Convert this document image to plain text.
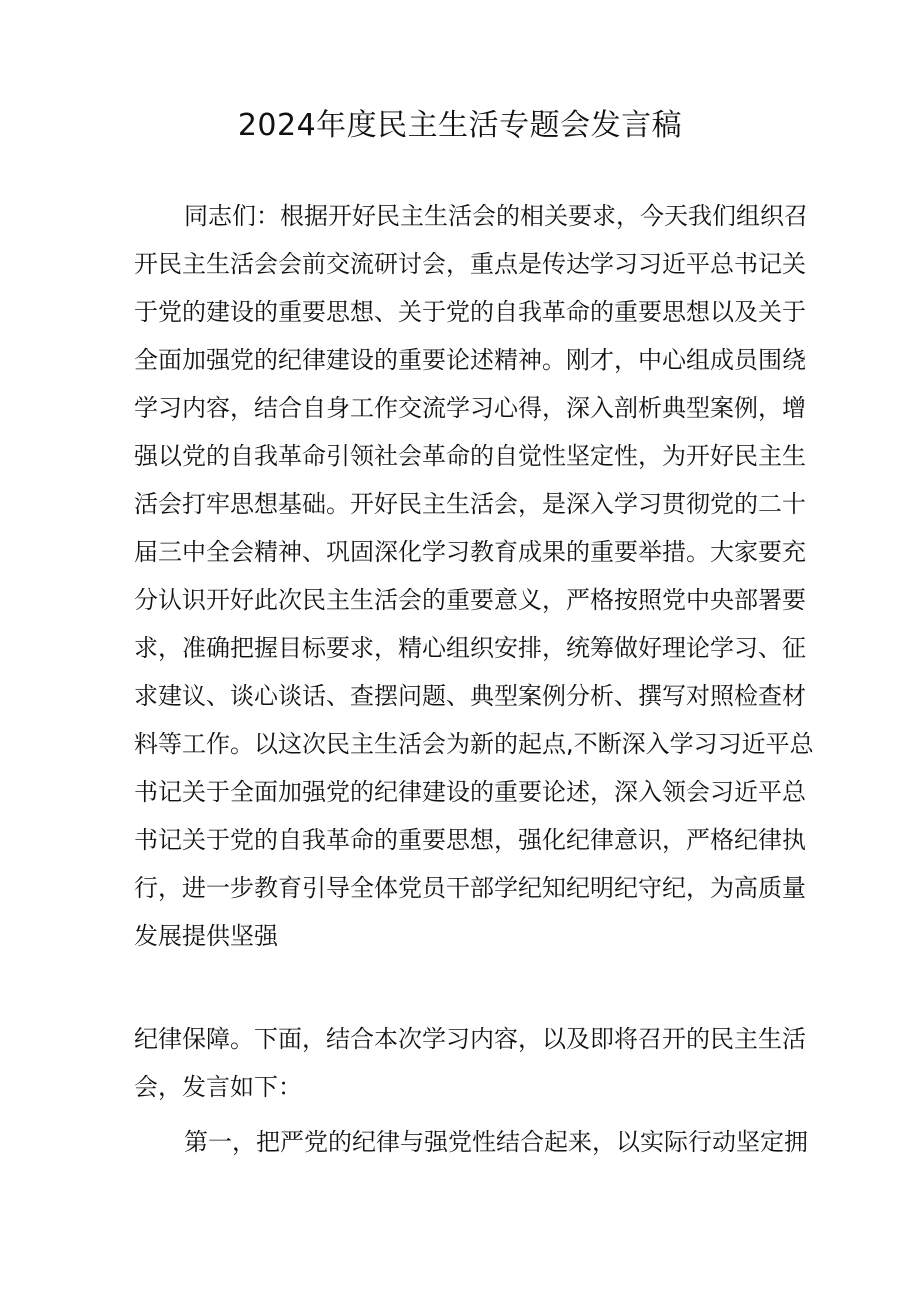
2024年度民主生活专题会发言稿
同志们：根据开好民主生活会的相关要求，今天我们组织召
开民主生活会会前交流研讨会，重点是传达学习习近平总书记关
于党的建设的重要思想、关于党的自我革命的重要思想以及关于
全面加强党的纪律建设的重要论述精神。刚才，中心组成员围绕
学习内容，结合自身工作交流学习心得，深入剖析典型案例，增
强以党的自我革命引领社会革命的自觉性坚定性，为开好民主生
活会打牢思想基础。开好民主生活会，是深入学习贯彻党的二十
届三中全会精神、巩固深化学习教育成果的重要举措。大家要充
分认识开好此次民主生活会的重要意义，严格按照党中央部署要
求，准确把握目标要求，精心组织安排，统筹做好理论学习、征
求建议、谈心谈话、查摆问题、典型案例分析、撰写对照检查材
料等工作。以这次民主生活会为新的起点,不断深入学习习近平总
书记关于全面加强党的纪律建设的重要论述，深入领会习近平总
书记关于党的自我革命的重要思想，强化纪律意识，严格纪律执
行，进一步教育引导全体党员干部学纪知纪明纪守纪，为高质量
发展提供坚强
纪律保障。下面，结合本次学习内容，以及即将召开的民主生活
会，发言如下：
第一，把严党的纪律与强党性结合起来，以实际行动坚定拥
